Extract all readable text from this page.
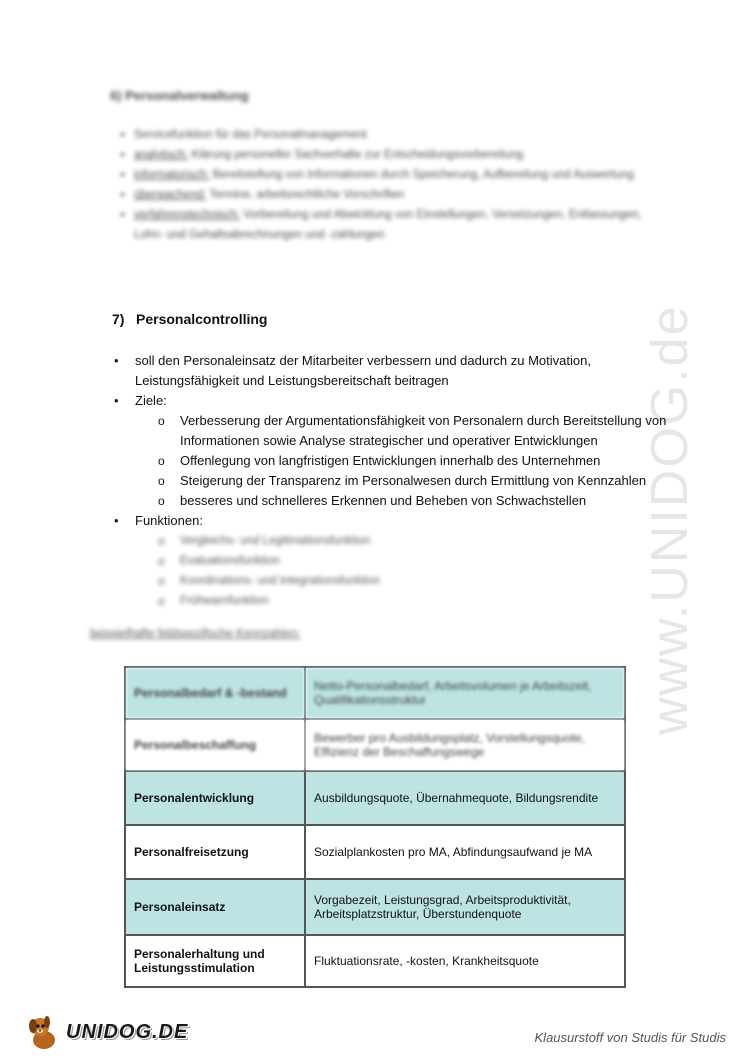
www.UNIDOG.de
6) Personalverwaltung
▪ Servicefunktion für das Personalmanagement
▪ analytisch: Klärung personeller Sachverhalte zur Entscheidungsvorbereitung
▪ informatorisch: Bereitstellung von Informationen durch Speicherung, Aufbereitung und Auswertung
▪ überwachend: Termine, arbeitsrechtliche Vorschriften
▪ verfahrenstechnisch: Vorbereitung und Abwicklung von Einstellungen, Versetzungen, Entlassungen, Lohn- und Gehaltsabrechnungen und -zahlungen
7) Personalcontrolling
• soll den Personaleinsatz der Mitarbeiter verbessern und dadurch zu Motivation, Leistungsfähigkeit und Leistungsbereitschaft beitragen
• Ziele:
o Verbesserung der Argumentationsfähigkeit von Personalern durch Bereitstellung von Informationen sowie Analyse strategischer und operativer Entwicklungen
o Offenlegung von langfristigen Entwicklungen innerhalb des Unternehmen
o Steigerung der Transparenz im Personalwesen durch Ermittlung von Kennzahlen
o besseres und schnelleres Erkennen und Beheben von Schwachstellen
• Funktionen:
o Vergleichs- und Legitimationsfunktion
o Evaluationsfunktion
o Koordinations- und Integrationsfunktion
o Frühwarnfunktion
beispielhafte feldspezifische Kennzahlen:
Personalbedarf & -bestand	Netto-Personalbedarf, Arbeitsvolumen je Arbeitszeit, Qualifikationsstruktur
Personalbeschaffung	Bewerber pro Ausbildungsplatz, Vorstellungsquote, Effizienz der Beschaffungswege
Personalentwicklung	Ausbildungsquote, Übernahmequote, Bildungsrendite
Personalfreisetzung	Sozialplankosten pro MA, Abfindungsaufwand je MA
Personaleinsatz	Vorgabezeit, Leistungsgrad, Arbeitsproduktivität, Arbeitsplatzstruktur, Überstundenquote
Personalerhaltung und Leistungsstimulation	Fluktuationsrate, -kosten, Krankheitsquote
UNIDOG.DE	Klausurstoff von Studis für Studis
